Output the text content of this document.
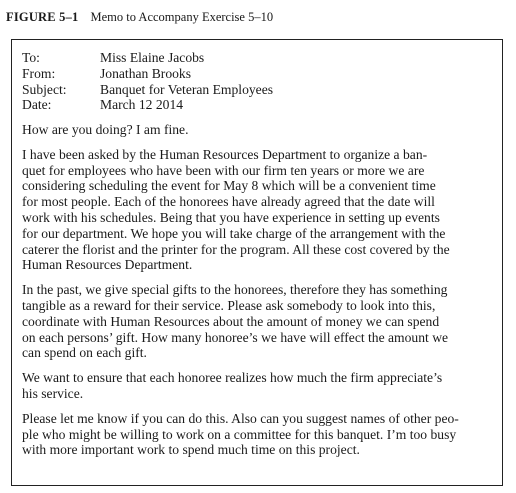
FIGURE 5–1 Memo to Accompany Exercise 5–10
To:	Miss Elaine Jacobs
From:	Jonathan Brooks
Subject:	Banquet for Veteran Employees
Date:	March 12 2014

How are you doing? I am fine.

I have been asked by the Human Resources Department to organize a ban-
quet for employees who have been with our firm ten years or more we are
considering scheduling the event for May 8 which will be a convenient time
for most people. Each of the honorees have already agreed that the date will
work with his schedules. Being that you have experience in setting up events
for our department. We hope you will take charge of the arrangement with the
caterer the florist and the printer for the program. All these cost covered by the
Human Resources Department.

In the past, we give special gifts to the honorees, therefore they has something
tangible as a reward for their service. Please ask somebody to look into this,
coordinate with Human Resources about the amount of money we can spend
on each persons’ gift. How many honoree’s we have will effect the amount we
can spend on each gift.

We want to ensure that each honoree realizes how much the firm appreciate’s
his service.

Please let me know if you can do this. Also can you suggest names of other peo-
ple who might be willing to work on a committee for this banquet. I’m too busy
with more important work to spend much time on this project.
